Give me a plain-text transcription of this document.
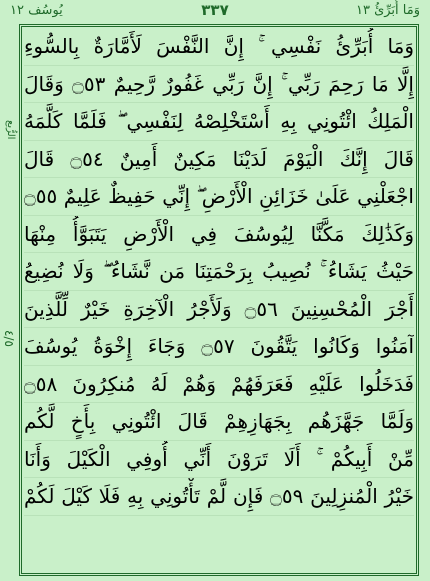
يُوسُف ١٢	٣٣٧	وَمَا أُبَرِّئُ ١٣
الرُّبع
٤/٥
وَمَا أُبَرِّئُ نَفْسِي ۚ إِنَّ النَّفْسَ لَأَمَّارَةٌ بِالسُّوءِ
إِلَّا مَا رَحِمَ رَبِّي ۚ إِنَّ رَبِّي غَفُورٌ رَّحِيمٌ ۝٥٣ وَقَالَ
الْمَلِكُ ائْتُونِي بِهِ أَسْتَخْلِصْهُ لِنَفْسِي ۖ فَلَمَّا كَلَّمَهُ
قَالَ إِنَّكَ الْيَوْمَ لَدَيْنَا مَكِينٌ أَمِينٌ ۝٥٤ قَالَ
اجْعَلْنِي عَلَىٰ خَزَائِنِ الْأَرْضِ ۖ إِنِّي حَفِيظٌ عَلِيمٌ ۝٥٥
وَكَذَٰلِكَ مَكَّنَّا لِيُوسُفَ فِي الْأَرْضِ يَتَبَوَّأُ مِنْهَا
حَيْثُ يَشَاءُ ۚ نُصِيبُ بِرَحْمَتِنَا مَن نَّشَاءُ ۖ وَلَا نُضِيعُ
أَجْرَ الْمُحْسِنِينَ ۝٥٦ وَلَأَجْرُ الْآخِرَةِ خَيْرٌ لِّلَّذِينَ
آمَنُوا وَكَانُوا يَتَّقُونَ ۝٥٧ وَجَاءَ إِخْوَةُ يُوسُفَ
فَدَخَلُوا عَلَيْهِ فَعَرَفَهُمْ وَهُمْ لَهُ مُنكِرُونَ ۝٥٨
وَلَمَّا جَهَّزَهُم بِجَهَازِهِمْ قَالَ ائْتُونِي بِأَخٍ لَّكُم
مِّنْ أَبِيكُمْ ۚ أَلَا تَرَوْنَ أَنِّي أُوفِي الْكَيْلَ وَأَنَا
خَيْرُ الْمُنزِلِينَ ۝٥٩ فَإِن لَّمْ تَأْتُونِي بِهِ فَلَا كَيْلَ لَكُمْ
